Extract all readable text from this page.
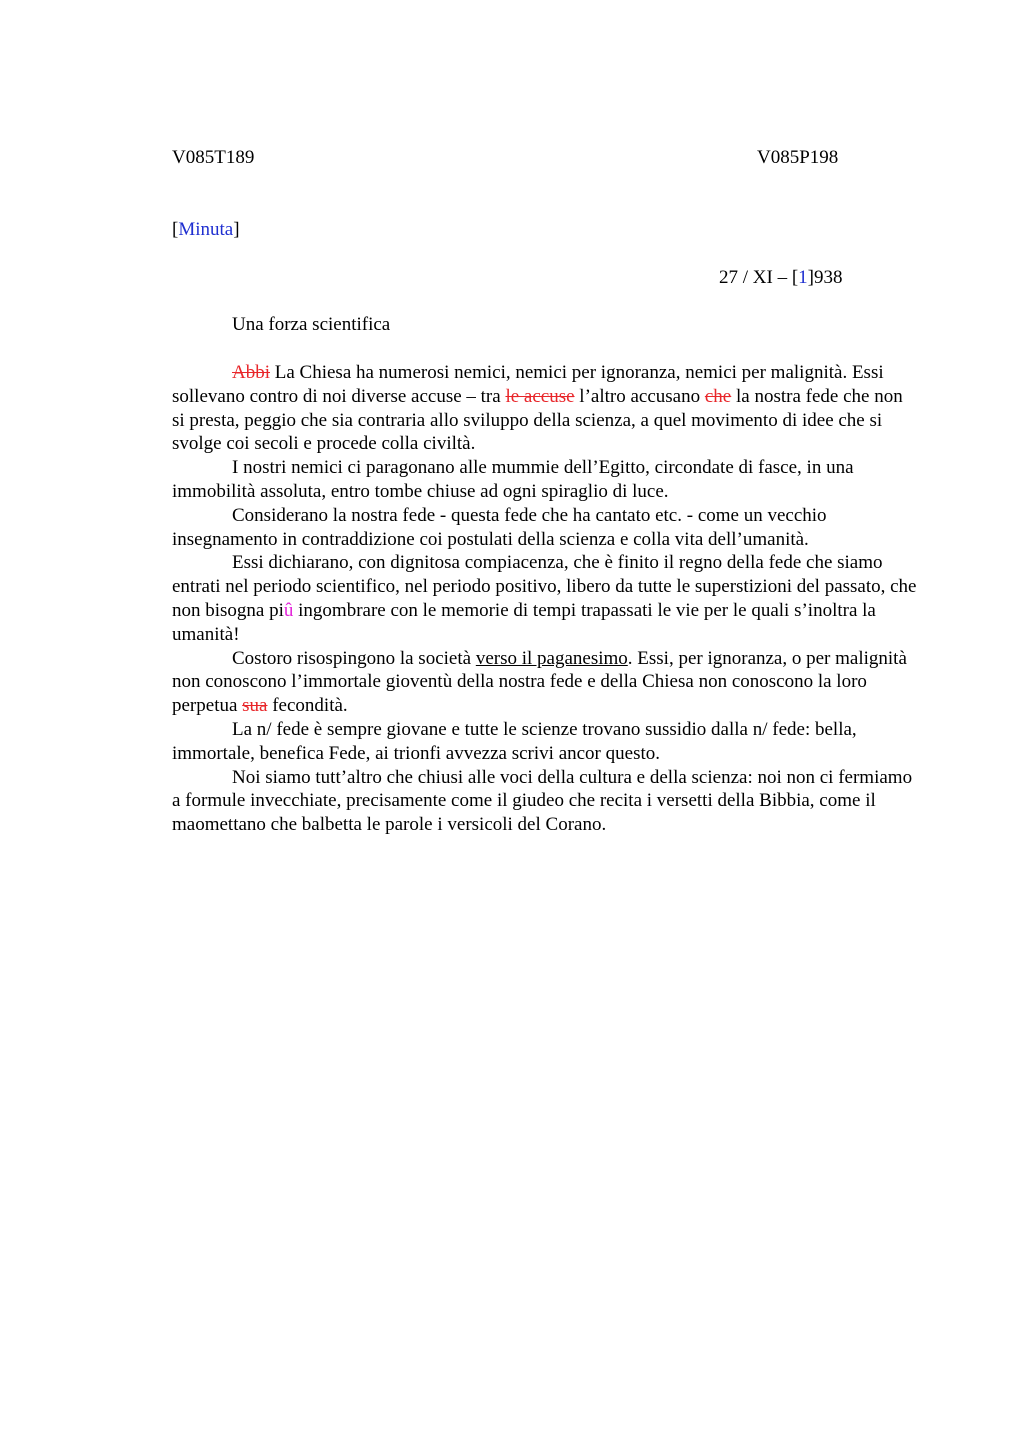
V085T189	V085P198
[Minuta]
27 / XI – [1]938
Una forza scientifica

Abbi La Chiesa ha numerosi nemici, nemici per ignoranza, nemici per malignità. Essi sollevano contro di noi diverse accuse – tra le accuse l’altro accusano che la nostra fede che non si presta, peggio che sia contraria allo sviluppo della scienza, a quel movimento di idee che si svolge coi secoli e procede colla civiltà.

I nostri nemici ci paragonano alle mummie dell’Egitto, circondate di fasce, in una immobilità assoluta, entro tombe chiuse ad ogni spiraglio di luce.

Considerano la nostra fede - questa fede che ha cantato etc. - come un vecchio insegnamento in contraddizione coi postulati della scienza e colla vita dell’umanità.

Essi dichiarano, con dignitosa compiacenza, che è finito il regno della fede che siamo entrati nel periodo scientifico, nel periodo positivo, libero da tutte le superstizioni del passato, che non bisogna piû ingombrare con le memorie di tempi trapassati le vie per le quali s’inoltra la umanità!

Costoro risospingono la società verso il paganesimo. Essi, per ignoranza, o per malignità non conoscono l’immortale gioventù della nostra fede e della Chiesa non conoscono la loro perpetua sua fecondità.

La n/ fede è sempre giovane e tutte le scienze trovano sussidio dalla n/ fede: bella, immortale, benefica Fede, ai trionfi avvezza scrivi ancor questo.

Noi siamo tutt’altro che chiusi alle voci della cultura e della scienza: noi non ci fermiamo a formule invecchiate, precisamente come il giudeo che recita i versetti della Bibbia, come il maomettano che balbetta le parole i versicoli del Corano.
